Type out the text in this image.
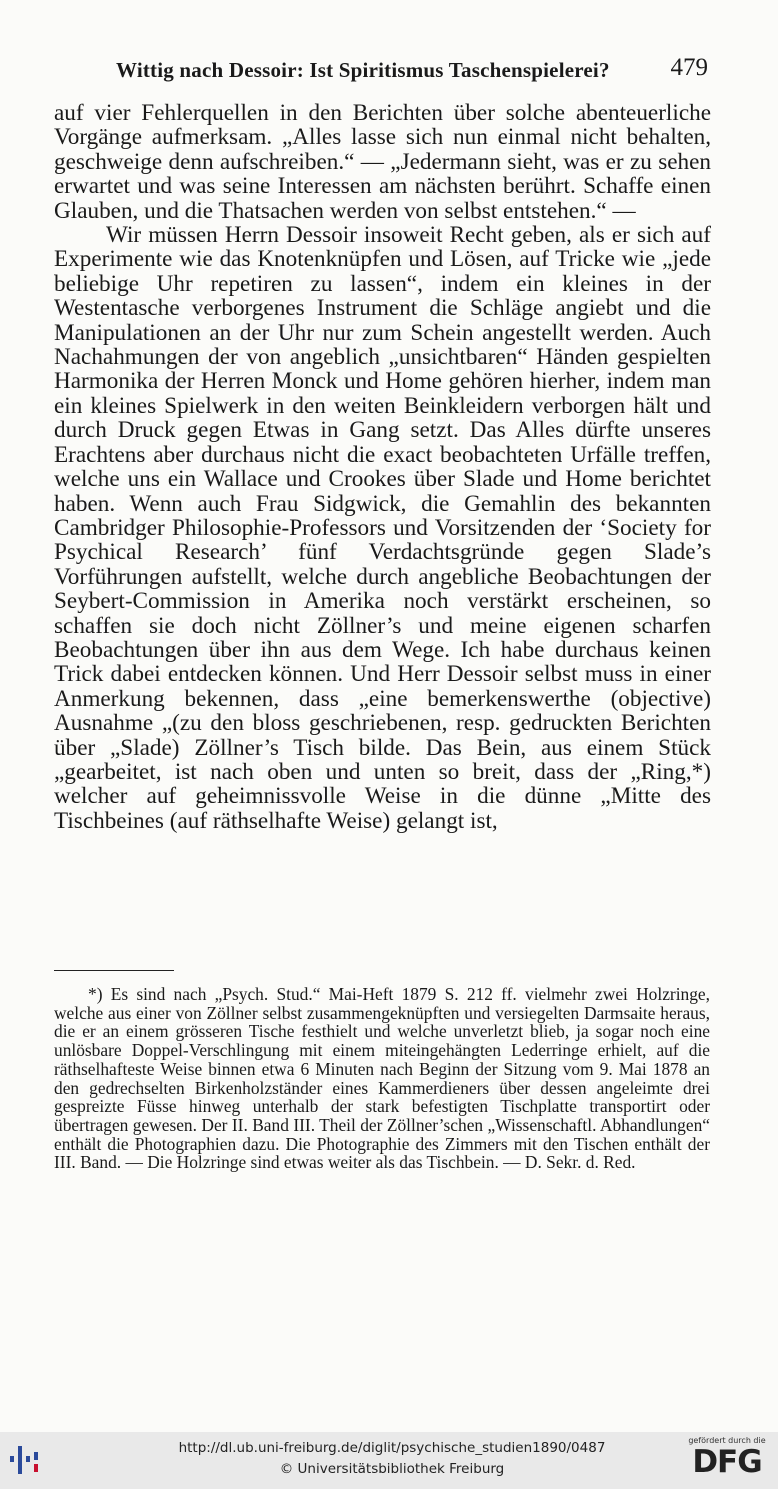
Wittig nach Dessoir: Ist Spiritismus Taschenspielerei? 479

auf vier Fehlerquellen in den Berichten über solche abenteuerliche Vorgänge aufmerksam. „Alles lasse sich nun einmal nicht behalten, geschweige denn aufschreiben.“ — „Jedermann sieht, was er zu sehen erwartet und was seine Interessen am nächsten berührt. Schaffe einen Glauben, und die Thatsachen werden von selbst entstehen.“ —

Wir müssen Herrn Dessoir insoweit Recht geben, als er sich auf Experimente wie das Knotenknüpfen und Lösen, auf Tricke wie „jede beliebige Uhr repetiren zu lassen“, indem ein kleines in der Westentasche verborgenes Instrument die Schläge angiebt und die Manipulationen an der Uhr nur zum Schein angestellt werden. Auch Nachahmungen der von angeblich „unsichtbaren“ Händen gespielten Harmonika der Herren Monck und Home gehören hierher, indem man ein kleines Spielwerk in den weiten Beinkleidern verborgen hält und durch Druck gegen Etwas in Gang setzt. Das Alles dürfte unseres Erachtens aber durchaus nicht die exact beobachteten Urfälle treffen, welche uns ein Wallace und Crookes über Slade und Home berichtet haben. Wenn auch Frau Sidgwick, die Gemahlin des bekannten Cambridger Philosophie-Professors und Vorsitzenden der ‘Society for Psychical Research’ fünf Verdachtsgründe gegen Slade’s Vorführungen aufstellt, welche durch angebliche Beobachtungen der Seybert-Commission in Amerika noch verstärkt erscheinen, so schaffen sie doch nicht Zöllner’s und meine eigenen scharfen Beobachtungen über ihn aus dem Wege. Ich habe durchaus keinen Trick dabei entdecken können. Und Herr Dessoir selbst muss in einer Anmerkung bekennen, dass „eine bemerkenswerthe (objective) Ausnahme „(zu den bloss geschriebenen, resp. gedruckten Berichten über „Slade) Zöllner’s Tisch bilde. Das Bein, aus einem Stück „gearbeitet, ist nach oben und unten so breit, dass der „Ring,*) welcher auf geheimnissvolle Weise in die dünne „Mitte des Tischbeines (auf räthselhafte Weise) gelangt ist,

*) Es sind nach „Psych. Stud.“ Mai-Heft 1879 S. 212 ff. vielmehr zwei Holzringe, welche aus einer von Zöllner selbst zusammengeknüpften und versiegelten Darmsaite heraus, die er an einem grösseren Tische festhielt und welche unverletzt blieb, ja sogar noch eine unlösbare Doppel-Verschlingung mit einem miteingehängten Lederringe erhielt, auf die räthselhafteste Weise binnen etwa 6 Minuten nach Beginn der Sitzung vom 9. Mai 1878 an den gedrechselten Birkenholzständer eines Kammerdieners über dessen angeleimte drei gespreizte Füsse hinweg unterhalb der stark befestigten Tischplatte transportirt oder übertragen gewesen. Der II. Band III. Theil der Zöllner’schen „Wissenschaftl. Abhandlungen“ enthält die Photographien dazu. Die Photographie des Zimmers mit den Tischen enthält der III. Band. — Die Holzringe sind etwas weiter als das Tischbein. — D. Sekr. d. Red.
http://dl.ub.uni-freiburg.de/diglit/psychische_studien1890/0487
© Universitätsbibliothek Freiburg
gefördert durch die
DFG
